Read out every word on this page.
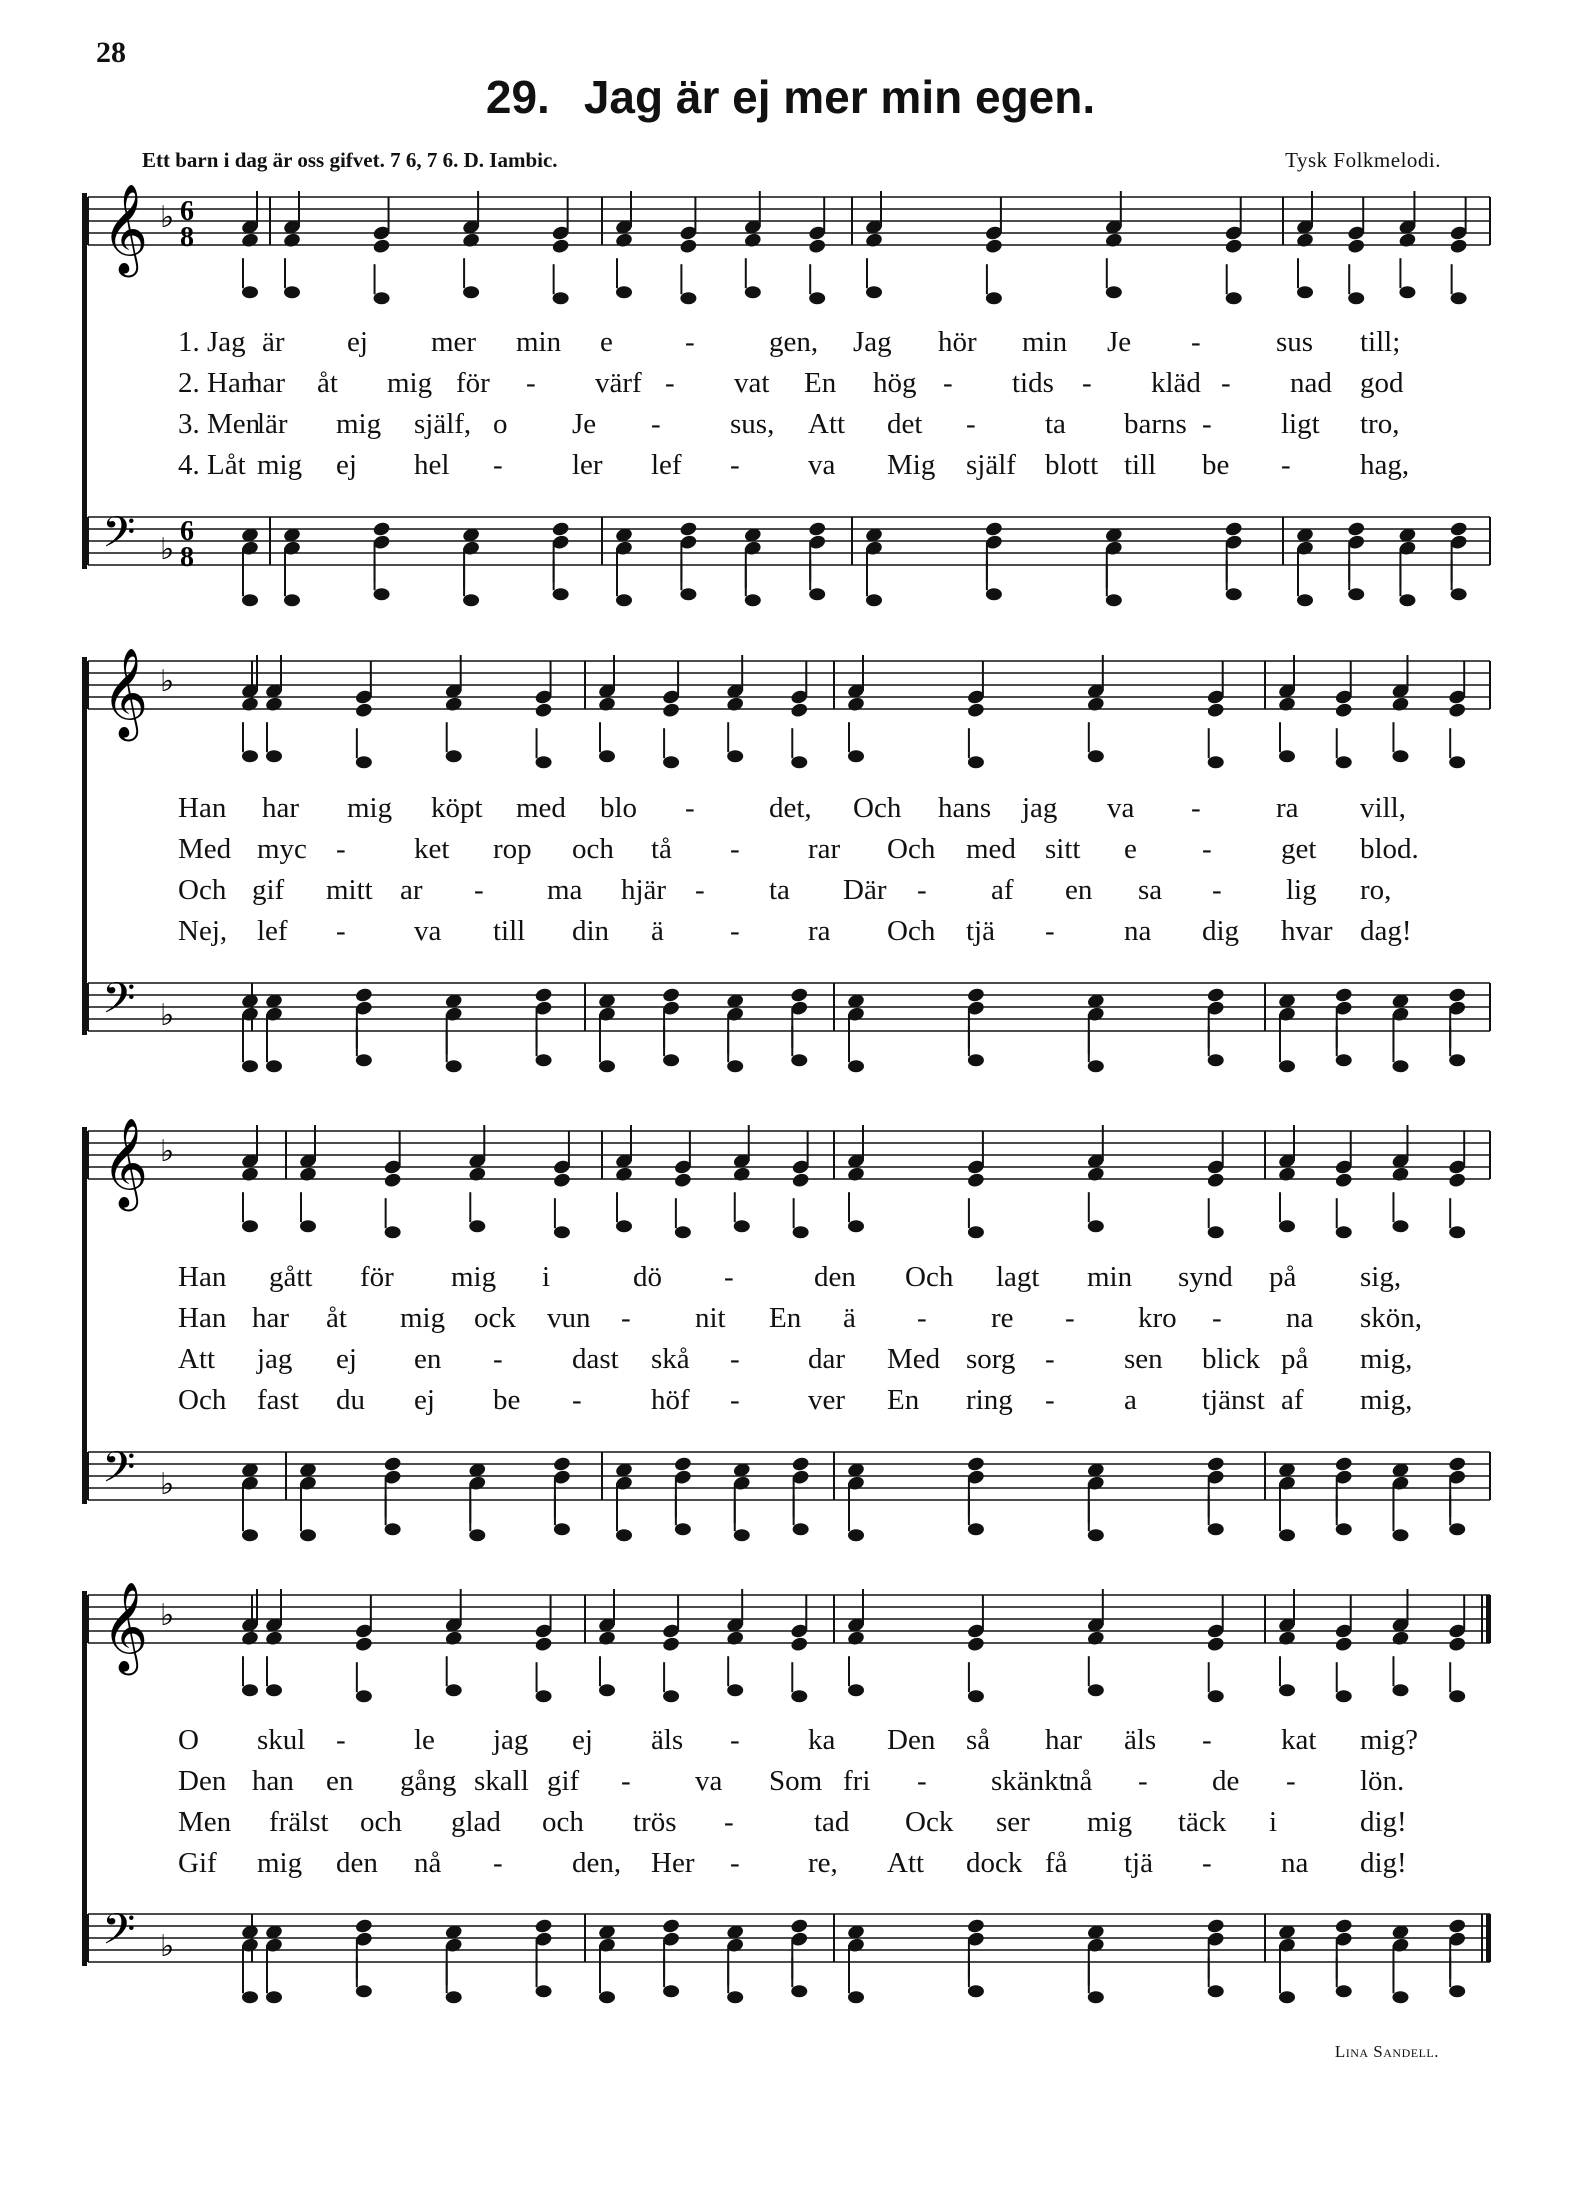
28
29. Jag är ej mer min egen.
Ett barn i dag är oss gifvet. 7 6, 7 6. D. Iambic.	Tysk Folkmelodi.
𝄞 ♭ 6
8
𝄢 ♭
6
8
𝄞 ♭
𝄢 ♭
𝄞 ♭
𝄢 ♭
𝄞 ♭
𝄢 ♭
1. Jag är ej mer min e -	gen, Jag hör min Je -	sus till;
2. Han
har åt mig för - värf - vat En hög - tids - kläd - nad god
3. Men
lär mig själf, o Je - sus, Att det - ta barns - ligt tro,
4. Låt mig ej hel - ler lef - va Mig själf blott till be - hag,
Han har mig köpt med blo -	det, Och hans jag va -	ra vill,
Med myc - ket rop och tå - rar Och med sitt e - get blod.
Och gif mitt ar - ma hjär - ta Där - af en sa - lig ro,
Nej, lef - va till din ä - ra Och tjä - na dig hvar dag!
Han gått för mig i	dö -	den Och lagt min synd på sig,
Han har åt mig ock vun - nit En ä - re - kro - na skön,
Att jag ej en - dast skå - dar Med sorg - sen blick på mig,
Och fast du ej be - höf - ver En ring - a tjänst af mig,
O skul - le jag ej äls - ka Den så har äls - kat mig?
Den han en gång skall gif - va Som fri - skänkt
nå - de - lön.
Men frälst och glad och trös -	tad Ock ser mig täck i	dig!
Gif mig den nå - den, Her - re, Att dock få tjä - na dig!
Lina Sandell.
